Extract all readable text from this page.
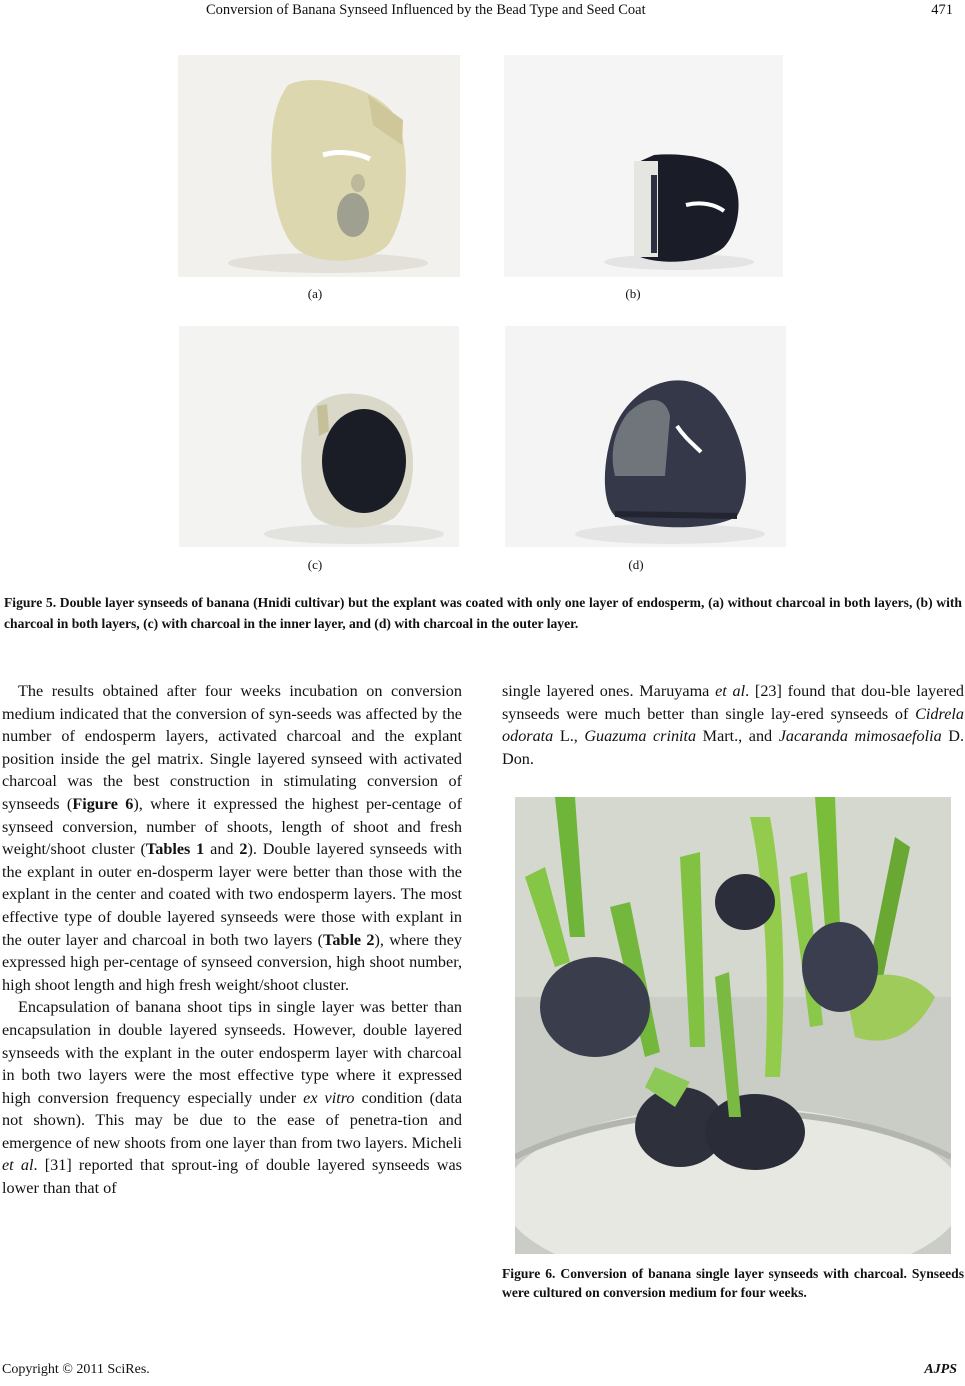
Conversion of Banana Synseed Influenced by the Bead Type and Seed Coat	471
(a)	(b)
(c)	(d)
Figure 5. Double layer synseeds of banana (Hnidi cultivar) but the explant was coated with only one layer of endosperm, (a) without charcoal in both layers, (b) with charcoal in both layers, (c) with charcoal in the inner layer, and (d) with charcoal in the outer layer.

The results obtained after four weeks incubation on conversion medium indicated that the conversion of syn-seeds was affected by the number of endosperm layers, activated charcoal and the explant position inside the gel matrix. Single layered synseed with activated charcoal was the best construction in stimulating conversion of synseeds (Figure 6), where it expressed the highest per-centage of synseed conversion, number of shoots, length of shoot and fresh weight/shoot cluster (Tables 1 and 2). Double layered synseeds with the explant in outer en-dosperm layer were better than those with the explant in the center and coated with two endosperm layers. The most effective type of double layered synseeds were those with explant in the outer layer and charcoal in both two layers (Table 2), where they expressed high per-centage of synseed conversion, high shoot number, high shoot length and high fresh weight/shoot cluster.

Encapsulation of banana shoot tips in single layer was better than encapsulation in double layered synseeds. However, double layered synseeds with the explant in the outer endosperm layer with charcoal in both two layers were the most effective type where it expressed high conversion frequency especially under ex vitro condition (data not shown). This may be due to the ease of penetra-tion and emergence of new shoots from one layer than from two layers. Micheli et al. [31] reported that sprout-ing of double layered synseeds was lower than that of

single layered ones. Maruyama et al. [23] found that dou-ble layered synseeds were much better than single lay-ered synseeds of Cidrela odorata L., Guazuma crinita Mart., and Jacaranda mimosaefolia D. Don.

Figure 6. Conversion of banana single layer synseeds with charcoal. Synseeds were cultured on conversion medium for four weeks.
Copyright © 2011 SciRes.	AJPS
